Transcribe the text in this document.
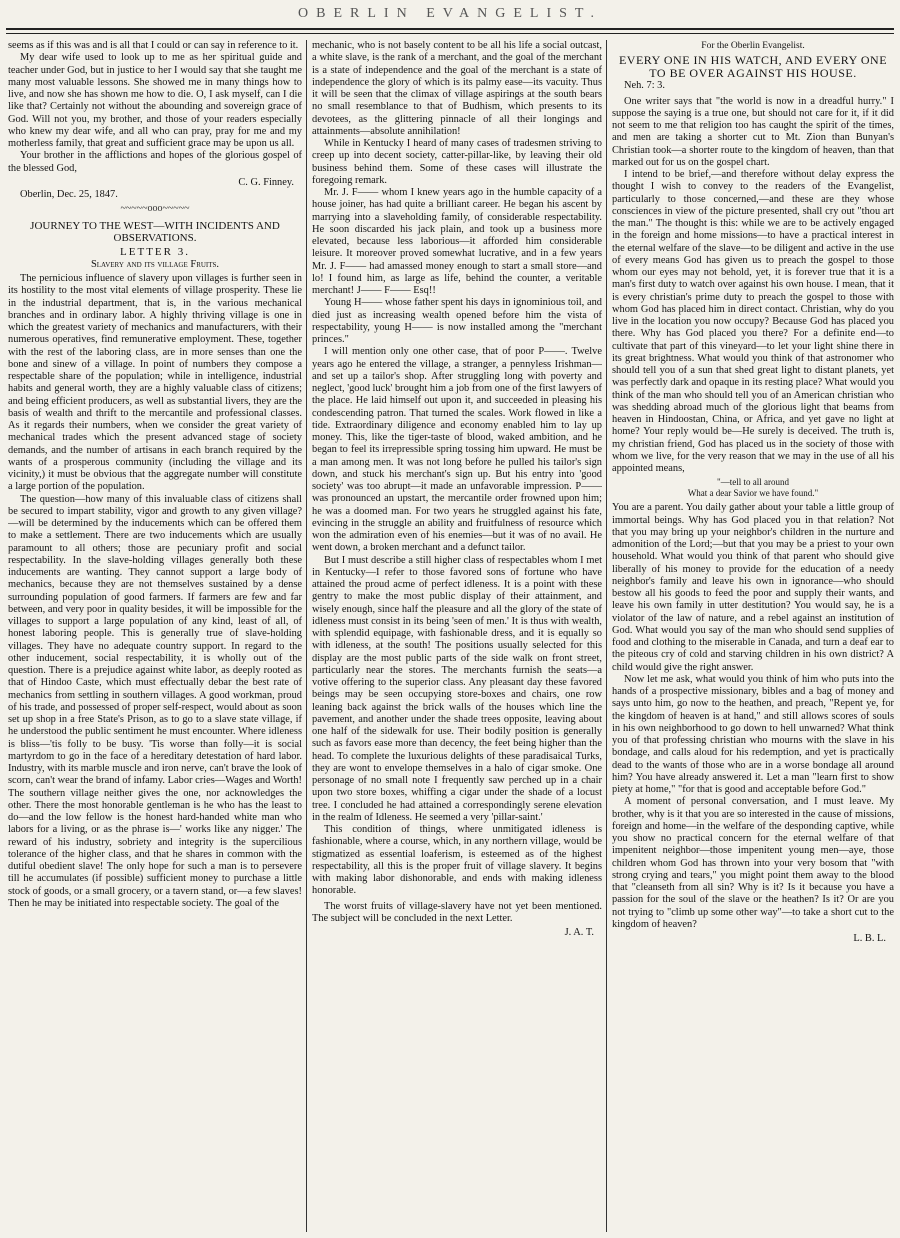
OBERLIN EVANGELIST.

seems as if this was and is all that I could or can say in reference to it.

My dear wife used to look up to me as her spiritual guide and teacher under God, but in justice to her I would say that she taught me many most valuable lessons. She showed me in many things how to live, and now she has shown me how to die. O, I ask myself, can I die like that? Certainly not without the abounding and sovereign grace of God. Will not you, my brother, and those of your readers especially who knew my dear wife, and all who can pray, pray for me and my motherless family, that great and sufficient grace may be upon us all.

Your brother in the afflictions and hopes of the glorious gospel of the blessed God,

C. G. Finney.

Oberlin, Dec. 25, 1847.

~~~~~ooo~~~~~

JOURNEY TO THE WEST—WITH INCIDENTS AND OBSERVATIONS.

LETTER 3.
Slavery and its village Fruits.

The pernicious influence of slavery upon villages is further seen in its hostility to the most vital elements of village prosperity. These lie in the industrial department, that is, in the various mechanical branches and in ordinary labor. A highly thriving village is one in which the greatest variety of mechanics and manufacturers, with their numerous operatives, find remunerative employment. These, together with the rest of the laboring class, are in more senses than one the bone and sinew of a village. In point of numbers they compose a respectable share of the population; while in intelligence, industrial habits and general worth, they are a highly valuable class of citizens; and being efficient producers, as well as substantial livers, they are the basis of wealth and thrift to the mercantile and professional classes. As it regards their numbers, when we consider the great variety of mechanical trades which the present advanced stage of society demands, and the number of artisans in each branch required by the wants of a prosperous community (including the village and its vicinity,) it must be obvious that the aggregate number will constitute a large portion of the population.

The question—how many of this invaluable class of citizens shall be secured to impart stability, vigor and growth to any given village?—will be determined by the inducements which can be offered them to make a settlement. There are two inducements which are usually paramount to all others; those are pecuniary profit and social respectability. In the slave-holding villages generally both these inducements are wanting. They cannot support a large body of mechanics, because they are not themselves sustained by a dense surrounding population of good farmers. If farmers are few and far between, and very poor in quality besides, it will be impossible for the villages to support a large population of any kind, least of all, of honest laboring people. This is generally true of slave-holding villages. They have no adequate country support. In regard to the other inducement, social respectability, it is wholly out of the question. There is a prejudice against white labor, as deeply rooted as that of Hindoo Caste, which must effectually debar the best rate of mechanics from settling in southern villages. A good workman, proud of his trade, and possessed of proper self-respect, would about as soon set up shop in a free State's Prison, as to go to a slave state village, if he understood the public sentiment he must encounter. Where idleness is bliss—'tis folly to be busy. 'Tis worse than folly—it is social martyrdom to go in the face of a hereditary detestation of hard labor. Industry, with its marble muscle and iron nerve, can't brave the look of scorn, can't wear the brand of infamy. Labor cries—Wages and Worth! The southern village neither gives the one, nor acknowledges the other. There the most honorable gentleman is he who has the least to do—and the low fellow is the honest hard-handed white man who labors for a living, or as the phrase is—' works like any nigger.' The reward of his industry, sobriety and integrity is the supercilious tolerance of the higher class, and that he shares in common with the dutiful obedient slave! The only hope for such a man is to persevere till he accumulates (if possible) sufficient money to purchase a little stock of goods, or a small grocery, or a tavern stand, or—a few slaves! Then he may be initiated into respectable society. The goal of the

mechanic, who is not basely content to be all his life a social outcast, a white slave, is the rank of a merchant, and the goal of the merchant is a state of independence and the goal of the merchant is a state of independence the glory of which is its palmy ease—its vacuity. Thus it will be seen that the climax of village aspirings at the south bears no small resemblance to that of Budhism, which presents to its devotees, as the glittering pinnacle of all their longings and attainments—absolute annihilation!

While in Kentucky I heard of many cases of tradesmen striving to creep up into decent society, catter-pillar-like, by leaving their old business behind them. Some of these cases will illustrate the foregoing remark.

Mr. J. F—— whom I knew years ago in the humble capacity of a house joiner, has had quite a brilliant career. He began his ascent by marrying into a slaveholding family, of considerable respectability. He soon discarded his jack plain, and took up a business more elevated, because less laborious—it afforded him considerable leisure. It moreover proved somewhat lucrative, and in a few years Mr. J. F—— had amassed money enough to start a small store—and lo! I found him, as large as life, behind the counter, a veritable merchant! J—— F—— Esq!!

Young H—— whose father spent his days in ignominious toil, and died just as increasing wealth opened before him the vista of respectability, young H—— is now installed among the "merchant princes."

I will mention only one other case, that of poor P——. Twelve years ago he entered the village, a stranger, a pennyless Irishman—and set up a tailor's shop. After struggling long with poverty and neglect, 'good luck' brought him a job from one of the first lawyers of the place. He laid himself out upon it, and succeeded in pleasing his condescending patron. That turned the scales. Work flowed in like a tide. Extraordinary diligence and economy enabled him to lay up money. This, like the tiger-taste of blood, waked ambition, and he began to feel its irrepressible spring tossing him upward. He must be a man among men. It was not long before he pulled his tailor's sign down, and stuck his merchant's sign up. But his entry into 'good society' was too abrupt—it made an unfavorable impression. P—— was pronounced an upstart, the mercantile order frowned upon him; he was a doomed man. For two years he struggled against his fate, evincing in the struggle an ability and fruitfulness of resource which won the admiration even of his enemies—but it was of no avail. He went down, a broken merchant and a defunct tailor.

But I must describe a still higher class of respectables whom I met in Kentucky—I refer to those favored sons of fortune who have attained the proud acme of perfect idleness. It is a point with these gentry to make the most public display of their attainment, and wisely enough, since half the pleasure and all the glory of the state of idleness must consist in its being 'seen of men.' It is thus with wealth, with splendid equipage, with fashionable dress, and it is equally so with idleness, at the south! The positions usually selected for this display are the most public parts of the side walk on front street, particularly near the stores. The merchants furnish the seats—a votive offering to the superior class. Any pleasant day these favored beings may be seen occupying store-boxes and chairs, one row leaning back against the brick walls of the houses which line the pavement, and another under the shade trees opposite, leaving about one half of the sidewalk for use. Their bodily position is generally such as favors ease more than decency, the feet being higher than the head. To complete the luxurious delights of these paradisaical Turks, they are wont to envelope themselves in a halo of cigar smoke. One personage of no small note I frequently saw perched up in a chair upon two store boxes, whiffing a cigar under the shade of a locust tree. I concluded he had attained a correspondingly serene elevation in the realm of Idleness. He seemed a very 'pillar-saint.'

This condition of things, where unmitigated idleness is fashionable, where a course, which, in any northern village, would be stigmatized as essential loaferism, is esteemed as of the highest respectability, all this is the proper fruit of village slavery. It begins with making labor dishonorable, and ends with making idleness honorable.

The worst fruits of village-slavery have not yet been mentioned. The subject will be concluded in the next Letter.

J. A. T.

For the Oberlin Evangelist.
EVERY ONE IN HIS WATCH, AND EVERY ONE TO BE OVER AGAINST HIS HOUSE.

Neh. 7: 3.

One writer says that "the world is now in a dreadful hurry." I suppose the saying is a true one, but should not care for it, if it did not seem to me that religion too has caught the spirit of the times, and men are taking a shorter cut to Mt. Zion than Bunyan's Christian took—a shorter route to the kingdom of heaven, than that marked out for us on the gospel chart.

I intend to be brief,—and therefore without delay express the thought I wish to convey to the readers of the Evangelist, particularly to those concerned,—and these are they whose consciences in view of the picture presented, shall cry out "thou art the man." The thought is this: while we are to be actively engaged in the foreign and home missions—to have a practical interest in the eternal welfare of the slave—to be diligent and active in the use of every means God has given us to preach the gospel to those whom our eyes may not behold, yet, it is forever true that it is a man's first duty to watch over against his own house. I mean, that it is every christian's prime duty to preach the gospel to those with whom God has placed him in direct contact. Christian, why do you live in the location you now occupy? Because God has placed you there. Why has God placed you there? For a definite end—to cultivate that part of this vineyard—to let your light shine there in its great brightness. What would you think of that astronomer who should tell you of a sun that shed great light to distant planets, yet was perfectly dark and opaque in its resting place? What would you think of the man who should tell you of an American christian who was shedding abroad much of the glorious light that beams from heaven in Hindoostan, China, or Africa, and yet gave no light at home? Your reply would be—He surely is deceived. The truth is, my christian friend, God has placed us in the society of those with whom we live, for the very reason that we may in the use of all his appointed means,

"—tell to all around
What a dear Savior we have found."

You are a parent. You daily gather about your table a little group of immortal beings. Why has God placed you in that relation? Not that you may bring up your neighbor's children in the nurture and admonition of the Lord;—but that you may be a priest to your own household. What would you think of that parent who should give liberally of his money to provide for the education of a needy neighbor's family and leave his own in ignorance—who should bestow all his goods to feed the poor and supply their wants, and leave his own family in utter destitution? You would say, he is a violator of the law of nature, and a rebel against an institution of God. What would you say of the man who should send supplies of food and clothing to the miserable in Canada, and turn a deaf ear to the piteous cry of cold and starving children in his own district? A child would give the right answer.

Now let me ask, what would you think of him who puts into the hands of a prospective missionary, bibles and a bag of money and says unto him, go now to the heathen, and preach, "Repent ye, for the kingdom of heaven is at hand," and still allows scores of souls in his own neighborhood to go down to hell unwarned? What think you of that professing christian who mourns with the slave in his bondage, and calls aloud for his redemption, and yet is practically dead to the wants of those who are in a worse bondage all around him? You have already answered it. Let a man "learn first to show piety at home," "for that is good and acceptable before God."

A moment of personal conversation, and I must leave. My brother, why is it that you are so interested in the cause of missions, foreign and home—in the welfare of the desponding captive, while you show no practical concern for the eternal welfare of that impenitent neighbor—those impenitent young men—aye, those children whom God has thrown into your very bosom that "with strong crying and tears," you might point them away to the blood that "cleanseth from all sin? Why is it? Is it because you have a passion for the soul of the slave or the heathen? Is it? Or are you not trying to "climb up some other way"—to take a short cut to the kingdom of heaven?

L. B. L.
